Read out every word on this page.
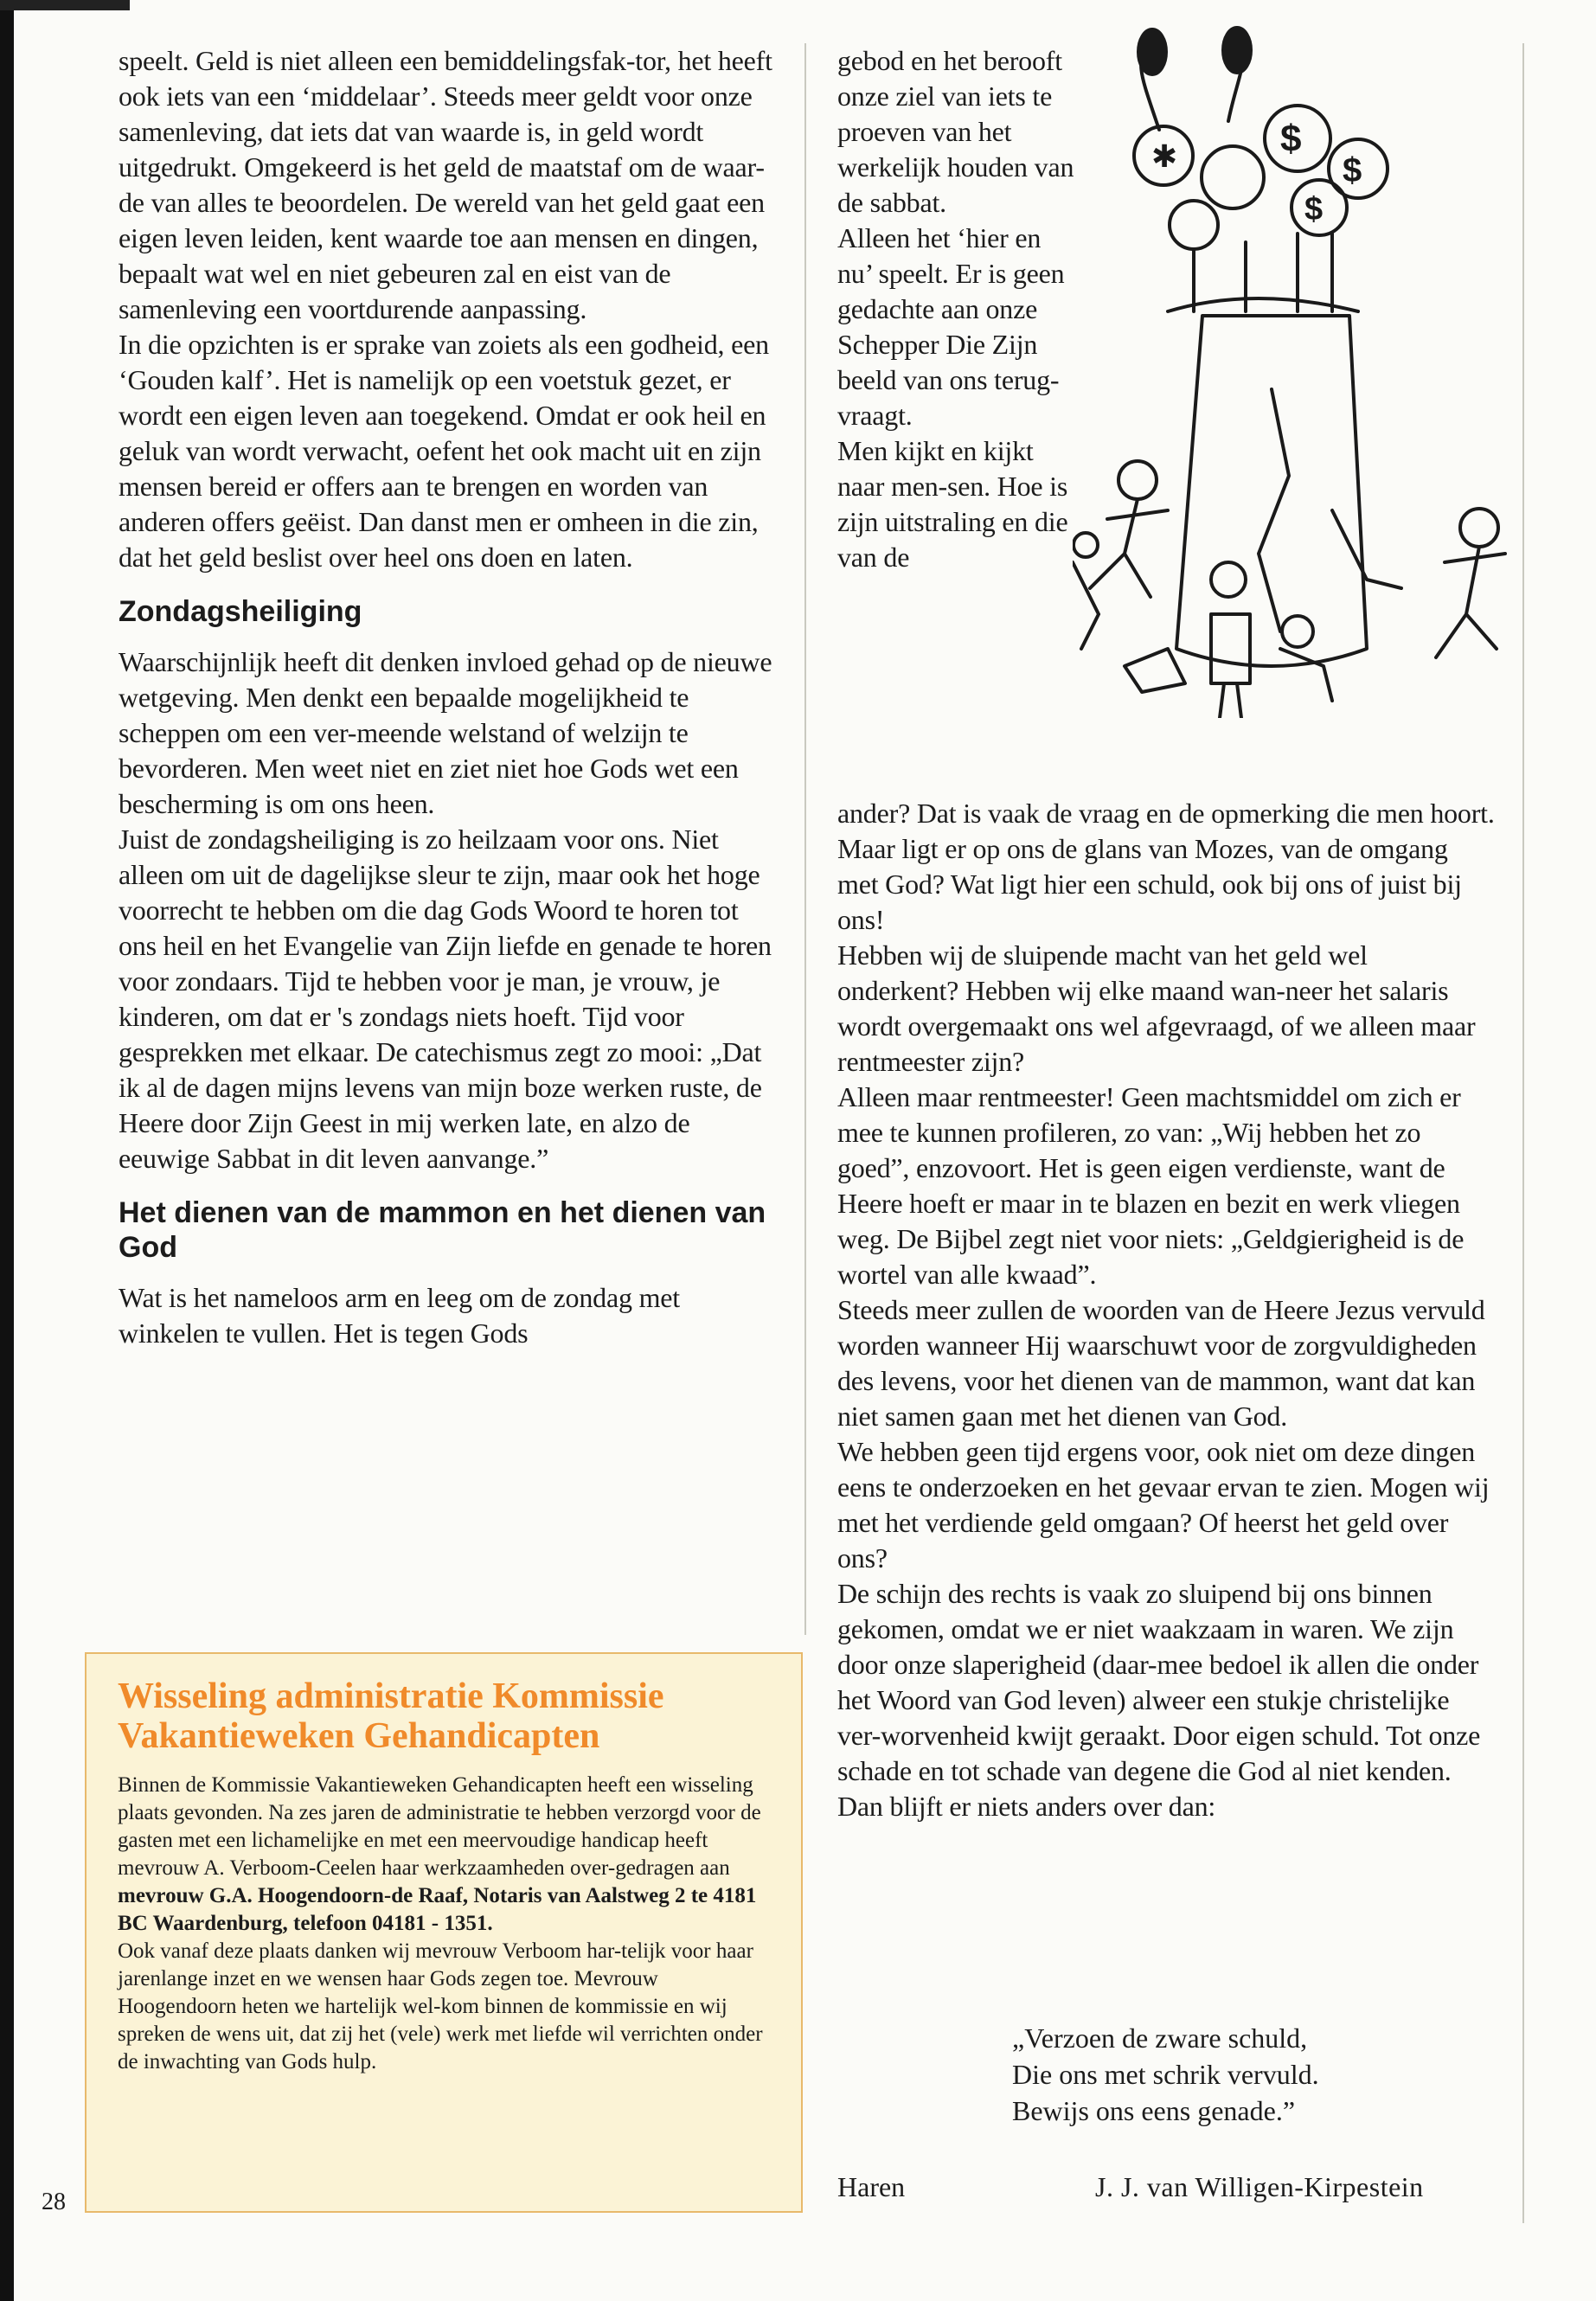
speelt. Geld is niet alleen een bemiddelingsfak-tor, het heeft ook iets van een ‘middelaar’. Steeds meer geldt voor onze samenleving, dat iets dat van waarde is, in geld wordt uitgedrukt. Omgekeerd is het geld de maatstaf om de waar-de van alles te beoordelen. De wereld van het geld gaat een eigen leven leiden, kent waarde toe aan mensen en dingen, bepaalt wat wel en niet gebeuren zal en eist van de samenleving een voortdurende aanpassing.

In die opzichten is er sprake van zoiets als een godheid, een ‘Gouden kalf’. Het is namelijk op een voetstuk gezet, er wordt een eigen leven aan toegekend. Omdat er ook heil en geluk van wordt verwacht, oefent het ook macht uit en zijn mensen bereid er offers aan te brengen en worden van anderen offers geëist. Dan danst men er omheen in die zin, dat het geld beslist over heel ons doen en laten.

Zondagsheiliging

Waarschijnlijk heeft dit denken invloed gehad op de nieuwe wetgeving. Men denkt een bepaalde mogelijkheid te scheppen om een ver-meende welstand of welzijn te bevorderen. Men weet niet en ziet niet hoe Gods wet een bescherming is om ons heen.

Juist de zondagsheiliging is zo heilzaam voor ons. Niet alleen om uit de dagelijkse sleur te zijn, maar ook het hoge voorrecht te hebben om die dag Gods Woord te horen tot ons heil en het Evangelie van Zijn liefde en genade te horen voor zondaars. Tijd te hebben voor je man, je vrouw, je kinderen, om dat er 's zondags niets hoeft. Tijd voor gesprekken met elkaar. De catechismus zegt zo mooi: „Dat ik al de dagen mijns levens van mijn boze werken ruste, de Heere door Zijn Geest in mij werken late, en alzo de eeuwige Sabbat in dit leven aanvange.”

Het dienen van de mammon en het dienen van God

Wat is het nameloos arm en leeg om de zondag met winkelen te vullen. Het is tegen Gods

Wisseling administratie Kommissie Vakantieweken Gehandicapten

Binnen de Kommissie Vakantieweken Gehandicapten heeft een wisseling plaats gevonden. Na zes jaren de administratie te hebben verzorgd voor de gasten met een lichamelijke en met een meervoudige handicap heeft mevrouw A. Verboom-Ceelen haar werkzaamheden over-gedragen aan mevrouw G.A. Hoogendoorn-de Raaf, Notaris van Aalstweg 2 te 4181 BC Waardenburg, telefoon 04181 - 1351.

Ook vanaf deze plaats danken wij mevrouw Verboom har-telijk voor haar jarenlange inzet en we wensen haar Gods zegen toe. Mevrouw Hoogendoorn heten we hartelijk wel-kom binnen de kommissie en wij spreken de wens uit, dat zij het (vele) werk met liefde wil verrichten onder de inwachting van Gods hulp.

gebod en het berooft onze ziel van iets te proeven van het werkelijk houden van de sabbat.

Alleen het ‘hier en nu’ speelt. Er is geen gedachte aan onze Schepper Die Zijn beeld van ons terug-vraagt.

Men kijkt en kijkt naar men-sen. Hoe is zijn uitstraling en die van de

✱	$
$
$

ander? Dat is vaak de vraag en de opmerking die men hoort. Maar ligt er op ons de glans van Mozes, van de omgang met God? Wat ligt hier een schuld, ook bij ons of juist bij ons!

Hebben wij de sluipende macht van het geld wel onderkent? Hebben wij elke maand wan-neer het salaris wordt overgemaakt ons wel afgevraagd, of we alleen maar rentmeester zijn?

Alleen maar rentmeester! Geen machtsmiddel om zich er mee te kunnen profileren, zo van: „Wij hebben het zo goed”, enzovoort. Het is geen eigen verdienste, want de Heere hoeft er maar in te blazen en bezit en werk vliegen weg. De Bijbel zegt niet voor niets: „Geldgierigheid is de wortel van alle kwaad”.

Steeds meer zullen de woorden van de Heere Jezus vervuld worden wanneer Hij waarschuwt voor de zorgvuldigheden des levens, voor het dienen van de mammon, want dat kan niet samen gaan met het dienen van God.

We hebben geen tijd ergens voor, ook niet om deze dingen eens te onderzoeken en het gevaar ervan te zien. Mogen wij met het verdiende geld omgaan? Of heerst het geld over ons?

De schijn des rechts is vaak zo sluipend bij ons binnen gekomen, omdat we er niet waakzaam in waren. We zijn door onze slaperigheid (daar-mee bedoel ik allen die onder het Woord van God leven) alweer een stukje christelijke ver-worvenheid kwijt geraakt. Door eigen schuld. Tot onze schade en tot schade van degene die God al niet kenden. Dan blijft er niets anders over dan:

„Verzoen de zware schuld,

Die ons met schrik vervuld.

Bewijs ons eens genade.”

Haren	J. J. van Willigen-Kirpestein
28
